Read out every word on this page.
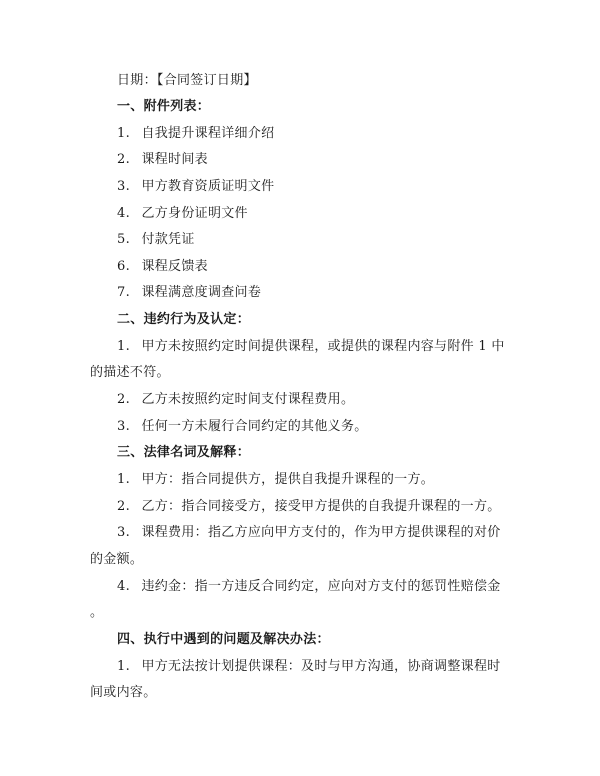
日期：【合同签订日期】
一、附件列表：
1. 自我提升课程详细介绍
2. 课程时间表
3. 甲方教育资质证明文件
4. 乙方身份证明文件
5. 付款凭证
6. 课程反馈表
7. 课程满意度调查问卷
二、违约行为及认定：
1. 甲方未按照约定时间提供课程，或提供的课程内容与附件 1 中
的描述不符。
2. 乙方未按照约定时间支付课程费用。
3. 任何一方未履行合同约定的其他义务。
三、法律名词及解释：
1. 甲方：指合同提供方，提供自我提升课程的一方。
2. 乙方：指合同接受方，接受甲方提供的自我提升课程的一方。
3. 课程费用：指乙方应向甲方支付的，作为甲方提供课程的对价
的金额。
4. 违约金：指一方违反合同约定，应向对方支付的惩罚性赔偿金
。
四、执行中遇到的问题及解决办法：
1. 甲方无法按计划提供课程：及时与甲方沟通，协商调整课程时
间或内容。
